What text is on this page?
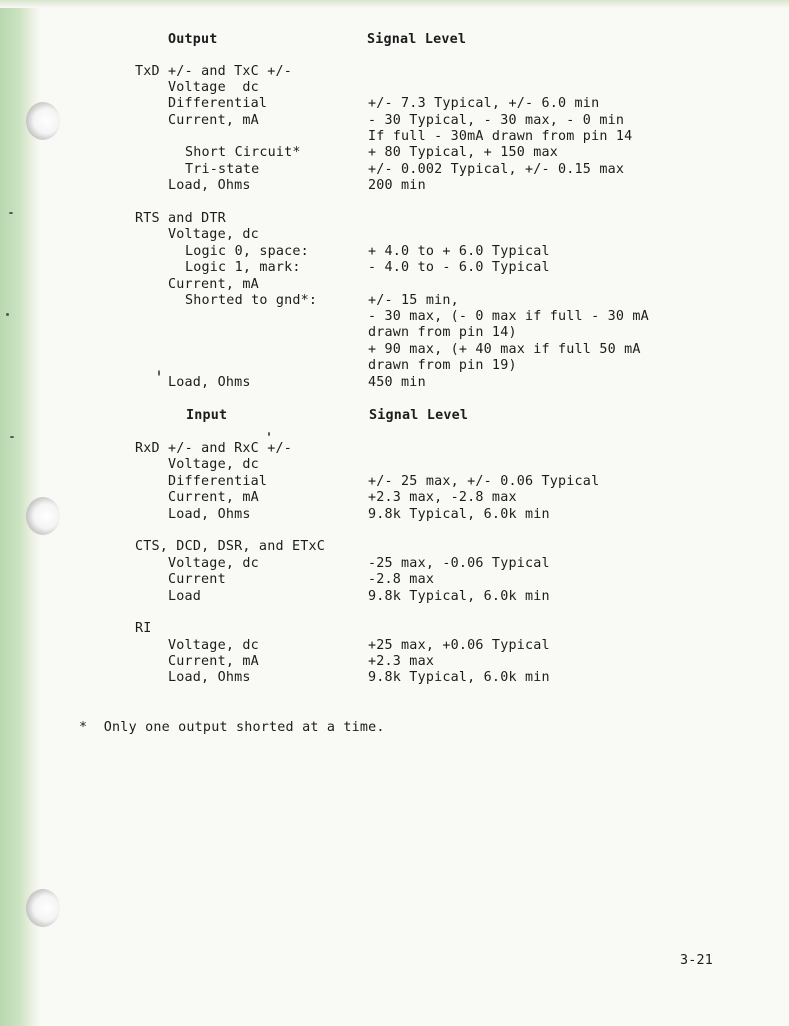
Output	Signal Level
TxD +/- and TxC +/-
Voltage  dc
Differential	+/- 7.3 Typical, +/- 6.0 min
Current, mA	- 30 Typical, - 30 max, - 0 min
If full - 30mA drawn from pin 14
Short Circuit*	+ 80 Typical, + 150 max
Tri-state	+/- 0.002 Typical, +/- 0.15 max
Load, Ohms	200 min
RTS and DTR
Voltage, dc
Logic 0, space:	+ 4.0 to + 6.0 Typical
Logic 1, mark:	- 4.0 to - 6.0 Typical
Current, mA
Shorted to gnd*:	+/- 15 min,
- 30 max, (- 0 max if full - 30 mA
drawn from pin 14)
+ 90 max, (+ 40 max if full 50 mA
drawn from pin 19)
Load, Ohms	450 min
Input	Signal Level
RxD +/- and RxC +/-
Voltage, dc
Differential	+/- 25 max, +/- 0.06 Typical
Current, mA	+2.3 max, -2.8 max
Load, Ohms	9.8k Typical, 6.0k min
CTS, DCD, DSR, and ETxC
Voltage, dc	-25 max, -0.06 Typical
Current	-2.8 max
Load	9.8k Typical, 6.0k min
RI
Voltage, dc	+25 max, +0.06 Typical
Current, mA	+2.3 max
Load, Ohms	9.8k Typical, 6.0k min
*  Only one output shorted at a time.
3-21
